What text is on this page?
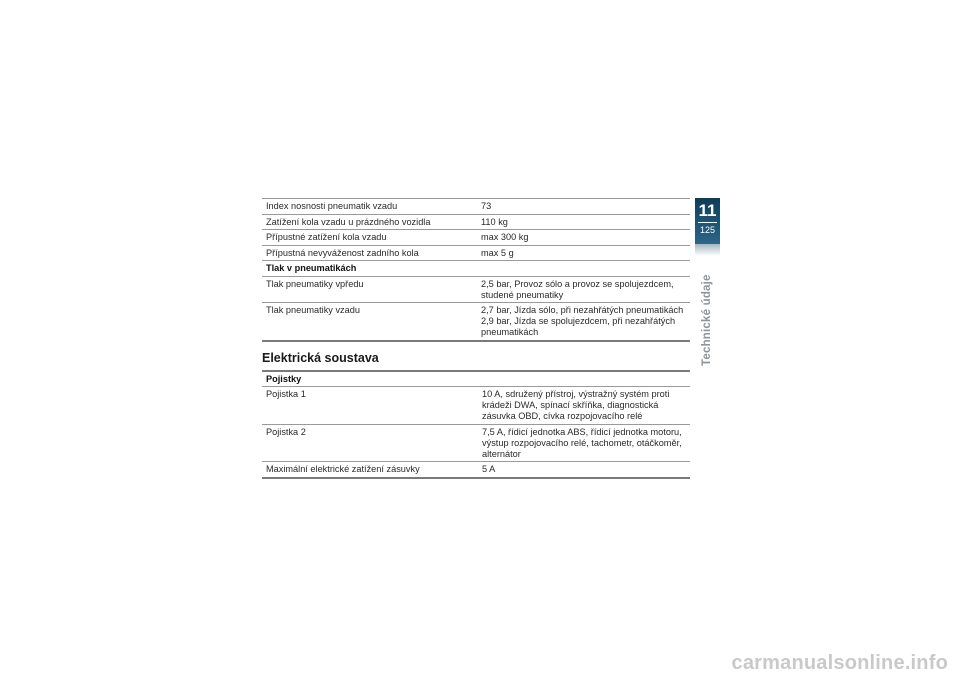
Index nosnosti pneumatik vzadu	73
Zatížení kola vzadu u prázdného vozidla	110 kg
Přípustné zatížení kola vzadu	max 300 kg
Přípustná nevyváženost zadního kola	max 5 g
Tlak v pneumatikách	
Tlak pneumatiky vpředu	2,5 bar, Provoz sólo a provoz se spolujezdcem, studené pneumatiky
Tlak pneumatiky vzadu	2,7 bar, Jízda sólo, při nezahřátých pneumatikách 2,9 bar, Jízda se spolujezdcem, při nezahřátých pneumatikách
Elektrická soustava
Pojistky	
Pojistka 1	10 A, sdružený přístroj, výstražný systém proti krádeži DWA, spínací skříňka, diagnostická zásuvka OBD, cívka rozpojovacího relé
Pojistka 2	7,5 A, řídicí jednotka ABS, řídicí jednotka motoru, výstup rozpojovacího relé, tachometr, otáčkoměr, alternátor
Maximální elektrické zatížení zásuvky	5 A
11
125
Technické údaje
carmanualsonline.info
